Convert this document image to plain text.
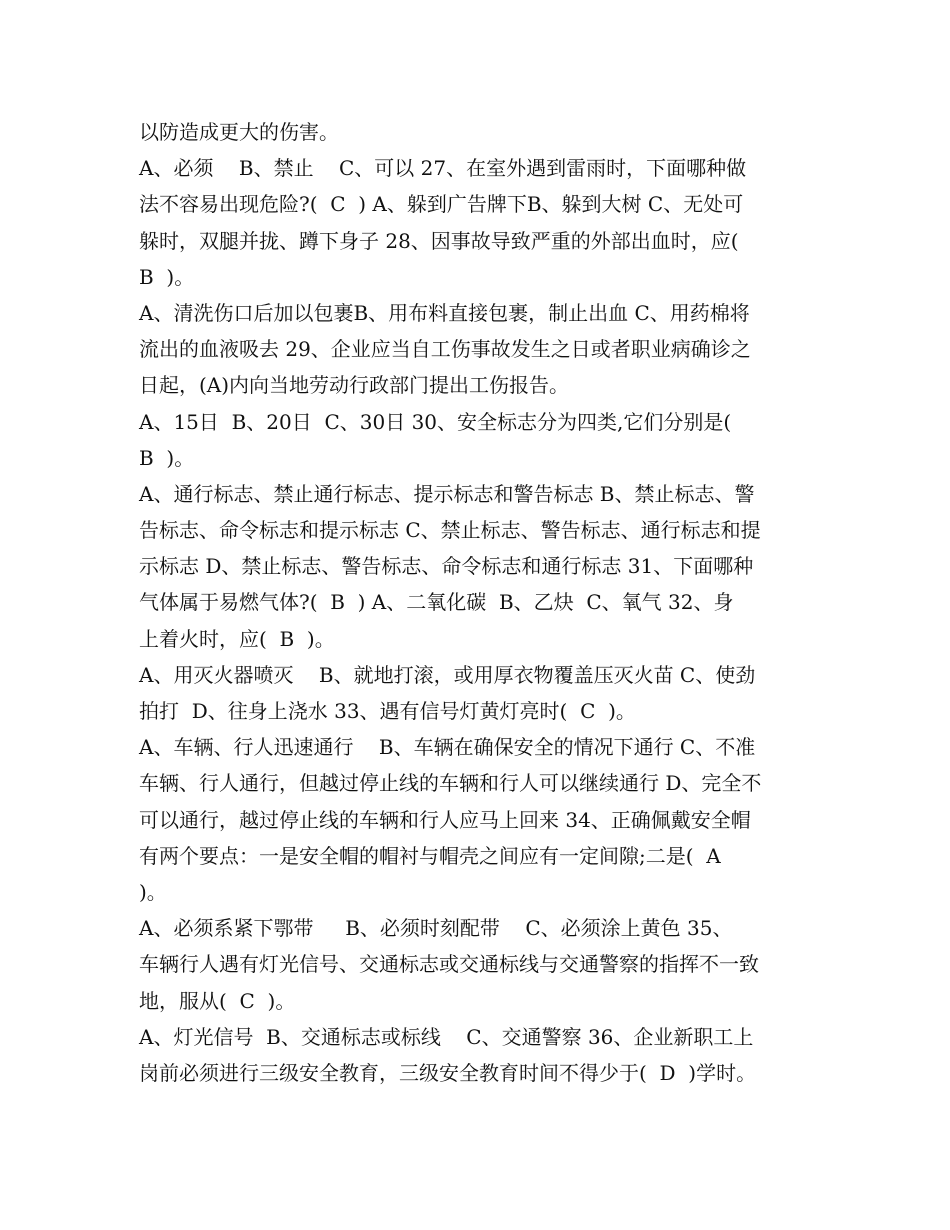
以防造成更大的伤害。
A、必须    B、禁止    C、可以 27、在室外遇到雷雨时，下面哪种做
法不容易出现危险?(  C  ) A、躲到广告牌下B、躲到大树 C、无处可
躲时，双腿并拢、蹲下身子 28、因事故导致严重的外部出血时，应(
B  )。
A、清洗伤口后加以包裹B、用布料直接包裹，制止出血 C、用药棉将
流出的血液吸去 29、企业应当自工伤事故发生之日或者职业病确诊之
日起，(A)内向当地劳动行政部门提出工伤报告。
A、15日  B、20日  C、30日 30、安全标志分为四类,它们分别是(
B  )。
A、通行标志、禁止通行标志、提示标志和警告标志 B、禁止标志、警
告标志、命令标志和提示标志 C、禁止标志、警告标志、通行标志和提
示标志 D、禁止标志、警告标志、命令标志和通行标志 31、下面哪种
气体属于易燃气体?(  B  ) A、二氧化碳  B、乙炔  C、氧气 32、身
上着火时，应(  B  )。
A、用灭火器喷灭    B、就地打滚，或用厚衣物覆盖压灭火苗 C、使劲
拍打  D、往身上浇水 33、遇有信号灯黄灯亮时(  C  )。
A、车辆、行人迅速通行    B、车辆在确保安全的情况下通行 C、不准
车辆、行人通行，但越过停止线的车辆和行人可以继续通行 D、完全不
可以通行，越过停止线的车辆和行人应马上回来 34、正确佩戴安全帽
有两个要点：一是安全帽的帽衬与帽壳之间应有一定间隙;二是(  A
)。
A、必须系紧下鄂带     B、必须时刻配带    C、必须涂上黄色 35、
车辆行人遇有灯光信号、交通标志或交通标线与交通警察的指挥不一致
地，服从(  C  )。
A、灯光信号  B、交通标志或标线    C、交通警察 36、企业新职工上
岗前必须进行三级安全教育，三级安全教育时间不得少于(  D  )学时。
